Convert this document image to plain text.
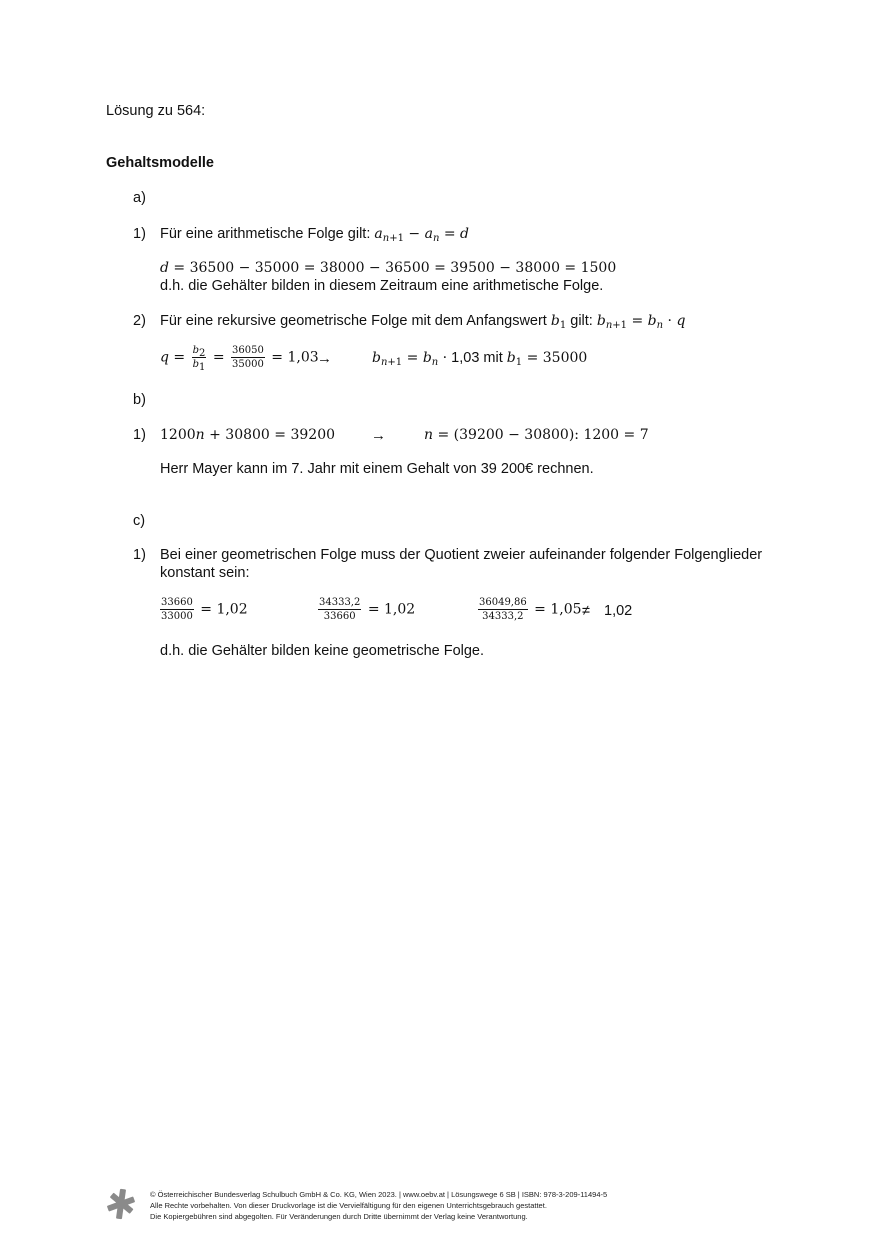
Lösung zu 564:
Gehaltsmodelle
a)
1) Für eine arithmetische Folge gilt: $a_{n+1} - a_n = d$
d = 36500 − 35000 = 38000 − 36500 = 39500 − 38000 = 1500
d.h. die Gehälter bilden in diesem Zeitraum eine arithmetische Folge.
2) Für eine rekursive geometrische Folge mit dem Anfangswert $b_1$ gilt: $b_{n+1} = b_n \cdot q$
$q = \frac{b_2}{b_1} = \frac{36050}{35000} = 1,03$
→	$b_{n+1} = b_n \cdot 1,03$ mit $b_1 = 35000$
b)
1) 1200n + 30800 = 39200 →	n = (39200 − 30800): 1200 = 7
Herr Mayer kann im 7. Jahr mit einem Gehalt von 39 200€ rechnen.
c)
1) Bei einer geometrischen Folge muss der Quotient zweier aufeinander folgender Folgenglieder
konstant sein:
$\frac{33660}{33000} = 1,02$	$\frac{34333,2}{33660} = 1,02$	$\frac{36049,86}{34333,2} = 1,05 \ne 1,02$
d.h. die Gehälter bilden keine geometrische Folge.
© Österreichischer Bundesverlag Schulbuch GmbH & Co. KG, Wien 2023. | www.oebv.at | Lösungswege 6 SB | ISBN: 978-3-209-11494-5
Alle Rechte vorbehalten. Von dieser Druckvorlage ist die Vervielfältigung für den eigenen Unterrichtsgebrauch gestattet.
Die Kopiergebühren sind abgegolten. Für Veränderungen durch Dritte übernimmt der Verlag keine Verantwortung.
